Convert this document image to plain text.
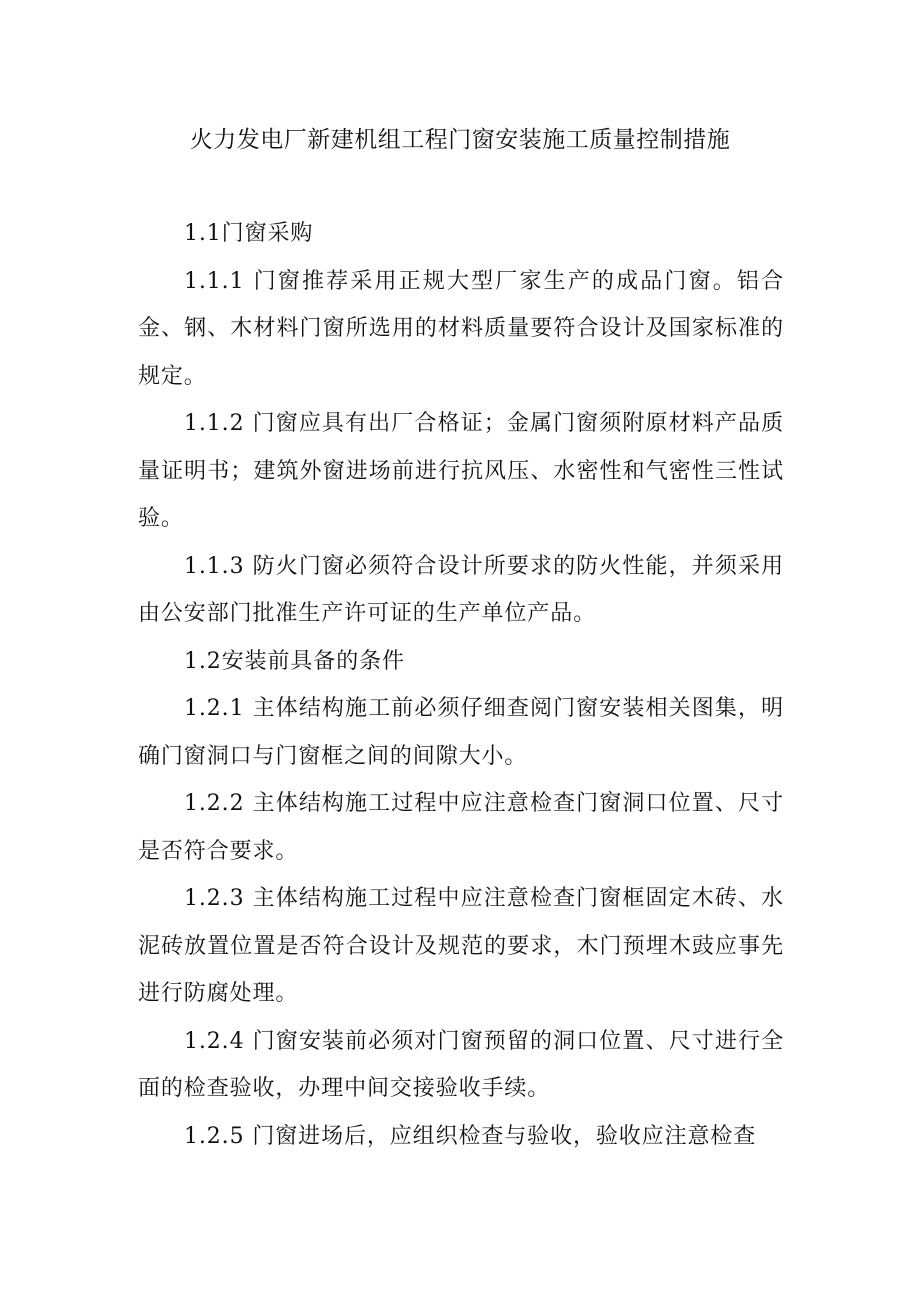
火力发电厂新建机组工程门窗安装施工质量控制措施

1.1门窗采购

1.1.1 门窗推荐采用正规大型厂家生产的成品门窗。铝合金、钢、木材料门窗所选用的材料质量要符合设计及国家标准的规定。

1.1.2 门窗应具有出厂合格证；金属门窗须附原材料产品质量证明书；建筑外窗进场前进行抗风压、水密性和气密性三性试验。

1.1.3 防火门窗必须符合设计所要求的防火性能，并须采用由公安部门批准生产许可证的生产单位产品。

1.2安装前具备的条件

1.2.1 主体结构施工前必须仔细查阅门窗安装相关图集，明确门窗洞口与门窗框之间的间隙大小。

1.2.2 主体结构施工过程中应注意检查门窗洞口位置、尺寸是否符合要求。

1.2.3 主体结构施工过程中应注意检查门窗框固定木砖、水泥砖放置位置是否符合设计及规范的要求，木门预埋木豉应事先进行防腐处理。

1.2.4 门窗安装前必须对门窗预留的洞口位置、尺寸进行全面的检查验收，办理中间交接验收手续。

1.2.5 门窗进场后，应组织检查与验收，验收应注意检查
